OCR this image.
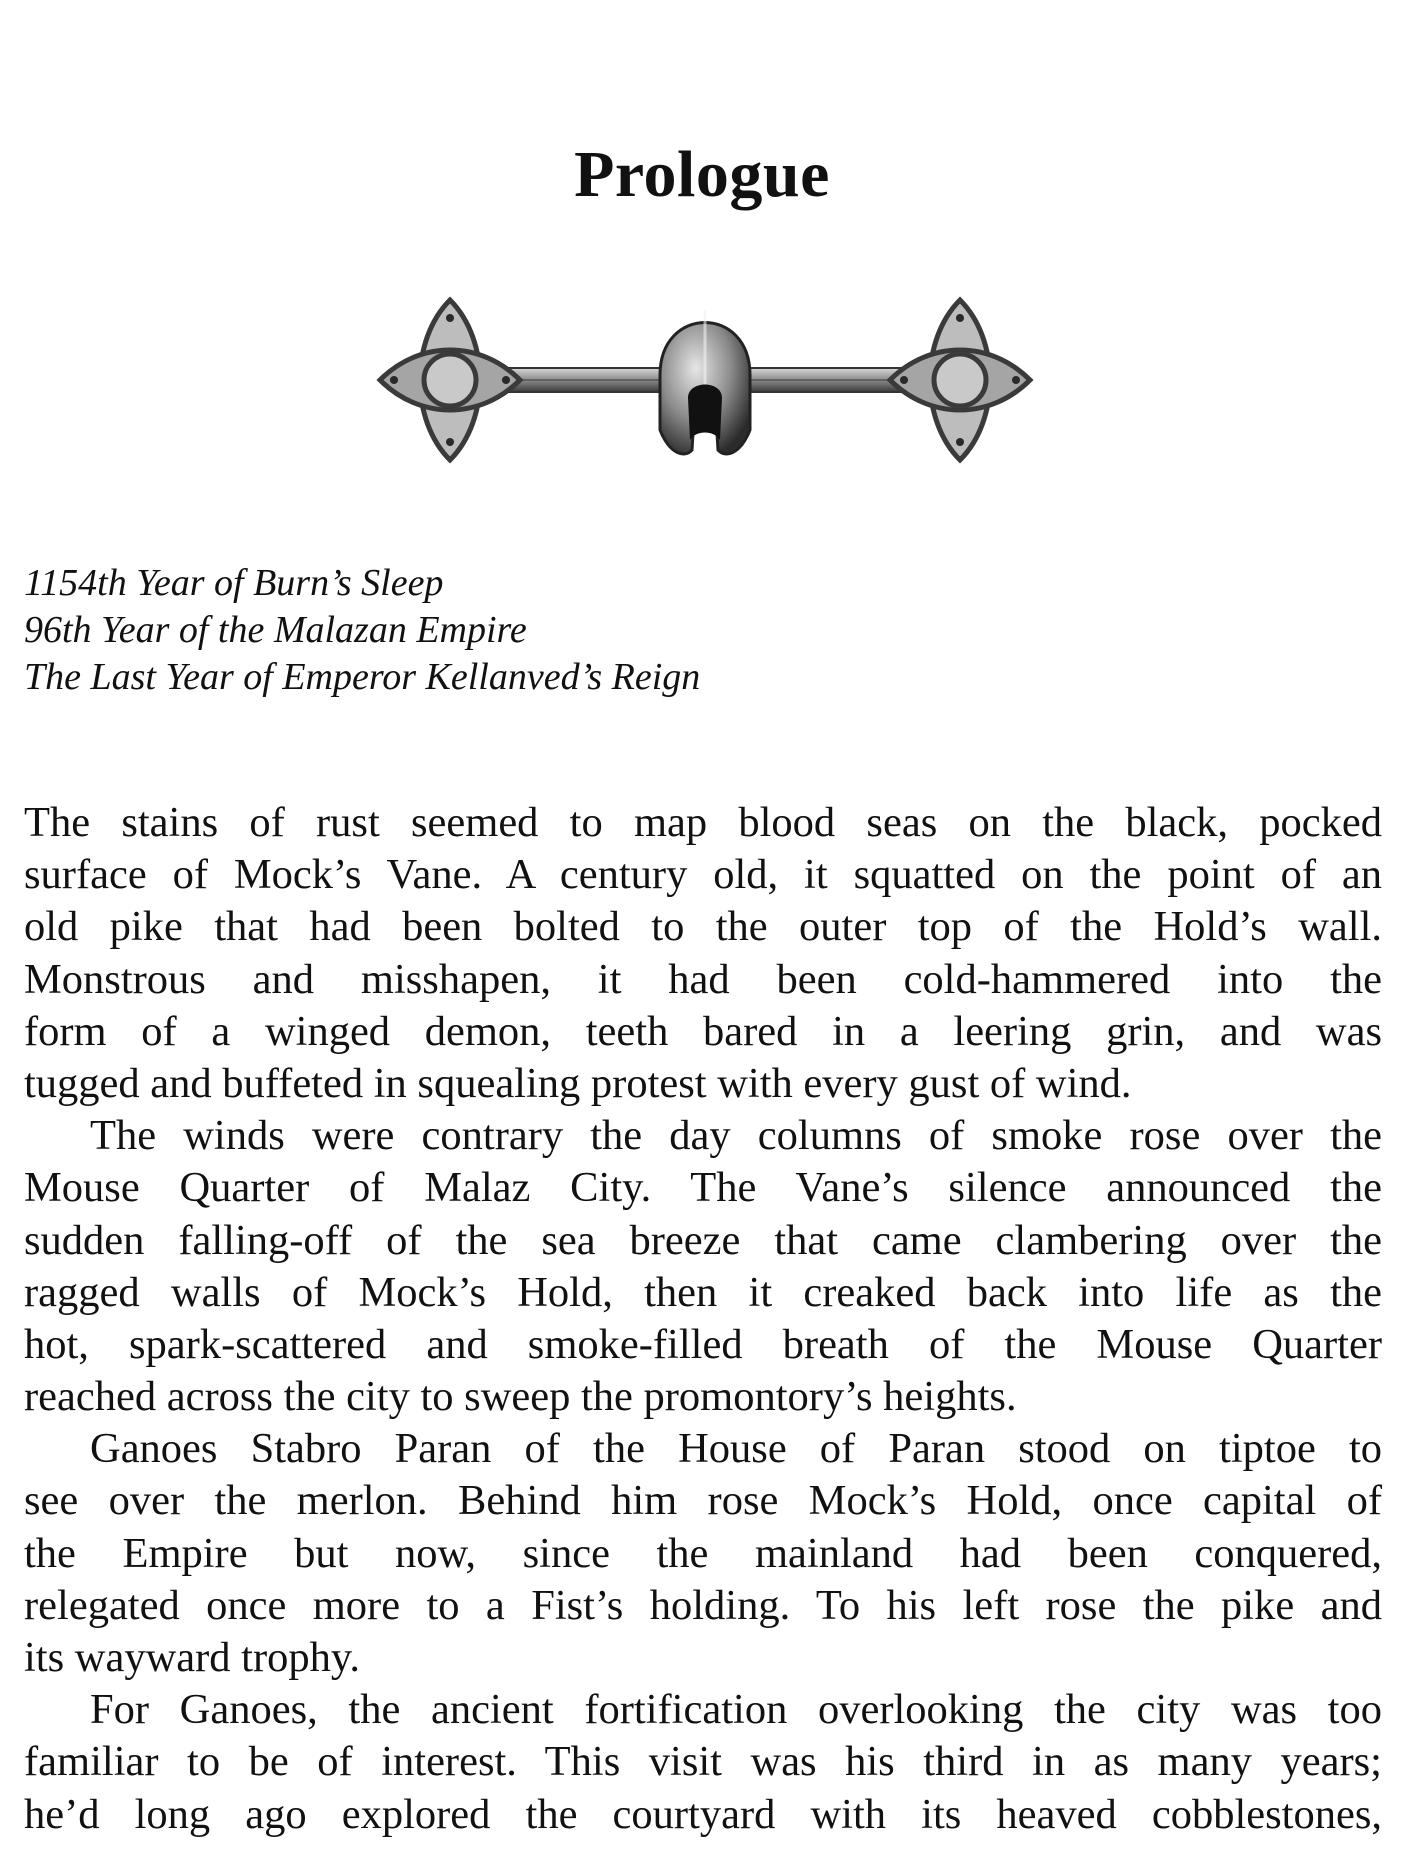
Prologue
1154th Year of Burn’s Sleep
96th Year of the Malazan Empire
The Last Year of Emperor Kellanved’s Reign
The stains of rust seemed to map blood seas on the black, pocked
surface of Mock’s Vane. A century old, it squatted on the point of an
old pike that had been bolted to the outer top of the Hold’s wall.
Monstrous and misshapen, it had been cold-hammered into the
form of a winged demon, teeth bared in a leering grin, and was
tugged and buffeted in squealing protest with every gust of wind.
The winds were contrary the day columns of smoke rose over the
Mouse Quarter of Malaz City. The Vane’s silence announced the
sudden falling-off of the sea breeze that came clambering over the
ragged walls of Mock’s Hold, then it creaked back into life as the
hot, spark-scattered and smoke-filled breath of the Mouse Quarter
reached across the city to sweep the promontory’s heights.
Ganoes Stabro Paran of the House of Paran stood on tiptoe to
see over the merlon. Behind him rose Mock’s Hold, once capital of
the Empire but now, since the mainland had been conquered,
relegated once more to a Fist’s holding. To his left rose the pike and
its wayward trophy.
For Ganoes, the ancient fortification overlooking the city was too
familiar to be of interest. This visit was his third in as many years;
he’d long ago explored the courtyard with its heaved cobblestones,
